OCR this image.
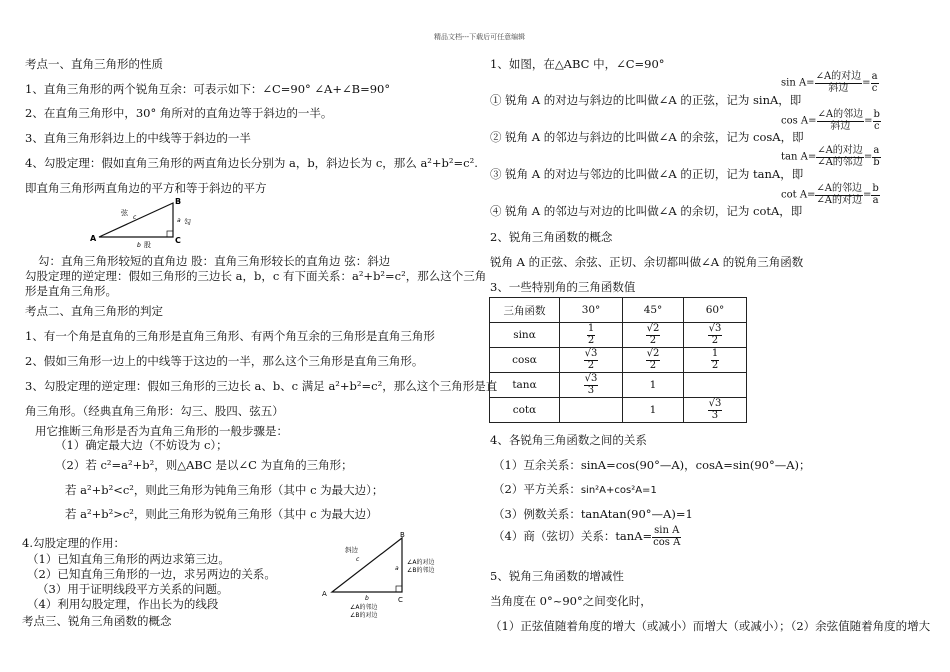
精品文档---下载后可任意编辑
考点一、直角三角形的性质
1、直角三角形的两个锐角互余：可表示如下：∠C=90° ∠A+∠B=90°
2、在直角三角形中，30° 角所对的直角边等于斜边的一半。
3、直角三角形斜边上的中线等于斜边的一半
4、勾股定理：假如直角三角形的两直角边长分别为 a，b，斜边长为 c，那么 a²+b²=c².
即直角三角形两直角边的平方和等于斜边的平方
A
B
C
弦
c	a 勾
b 股
勾：直角三角形较短的直角边 股：直角三角形较长的直角边 弦：斜边
勾股定理的逆定理：假如三角形的三边长 a，b，c 有下面关系：a²+b²=c²，那么这个三角
形是直角三角形。
考点二、直角三角形的判定
1、有一个角是直角的三角形是直角三角形、有两个角互余的三角形是直角三角形
2、假如三角形一边上的中线等于这边的一半，那么这个三角形是直角三角形。
3、勾股定理的逆定理：假如三角形的三边长 a、b、c 满足 a²+b²=c²，那么这个三角形是直
角三角形。（经典直角三角形：勾三、股四、弦五）
用它推断三角形是否为直角三角形的一般步骤是：
（1）确定最大边（不妨设为 c）；
（2）若 c²=a²+b²，则△ABC 是以∠C 为直角的三角形；
若 a²+b²<c²，则此三角形为钝角三角形（其中 c 为最大边）；
若 a²+b²>c²，则此三角形为锐角三角形（其中 c 为最大边）
4.勾股定理的作用：
（1）已知直角三角形的两边求第三边。
（2）已知直角三角形的一边，求另两边的关系。
（3）用于证明线段平方关系的问题。
（4）利用勾股定理，作出长为的线段
考点三、锐角三角函数的概念
B
A
C
斜边
c
a
∠A的对边
∠B的邻边
b
∠A的邻边
∠B的对边
1、如图，在△ABC 中，∠C=90°
① 锐角 A 的对边与斜边的比叫做∠A 的正弦，记为 sinA，即
② 锐角 A 的邻边与斜边的比叫做∠A 的余弦，记为 cosA，即
③ 锐角 A 的对边与邻边的比叫做∠A 的正切，记为 tanA，即
④ 锐角 A 的邻边与对边的比叫做∠A 的余切，记为 cotA，即
$\sin A= \frac{\text{∠A的对边}}{\text{斜边}} = \frac{a}{c}$
$\cos A= \frac{\text{∠A的邻边}}{\text{斜边}} = \frac{b}{c}$
$\tan A= \frac{\text{∠A的对边}}{\text{∠A的邻边}} = \frac{a}{b}$
$\cot A= \frac{\text{∠A的邻边}}{\text{∠A的对边}} = \frac{b}{a}$
2、锐角三角函数的概念
锐角 A 的正弦、余弦、正切、余切都叫做∠A 的锐角三角函数
3、一些特别角的三角函数值
三角函数	30°	45°	60°
sinα	$\frac{1}{2}$	$\frac{√2}{2}$	$\frac{√3}{2}$

cosα	$\frac{√3}{2}$	$\frac{√2}{2}$	$\frac{1}{2}$

tanα	$\frac{√3}{3}$	1	
cotα		1	$\frac{√3}{3}$
4、各锐角三角函数之间的关系
（1）互余关系：sinA=cos(90°—A)，cosA=sin(90°—A)；
（2）平方关系：sin²A+cos²A=1
（3）例数关系：tanAtan(90°—A)=1
（4）商（弦切）关系：$\tan A= \frac{\text{sin A}}{\text{cos A}}$
5、锐角三角函数的增减性
当角度在 0°~90°之间变化时，
（1）正弦值随着角度的增大（或减小）而增大（或减小）；（2）余弦值随着角度的增大
